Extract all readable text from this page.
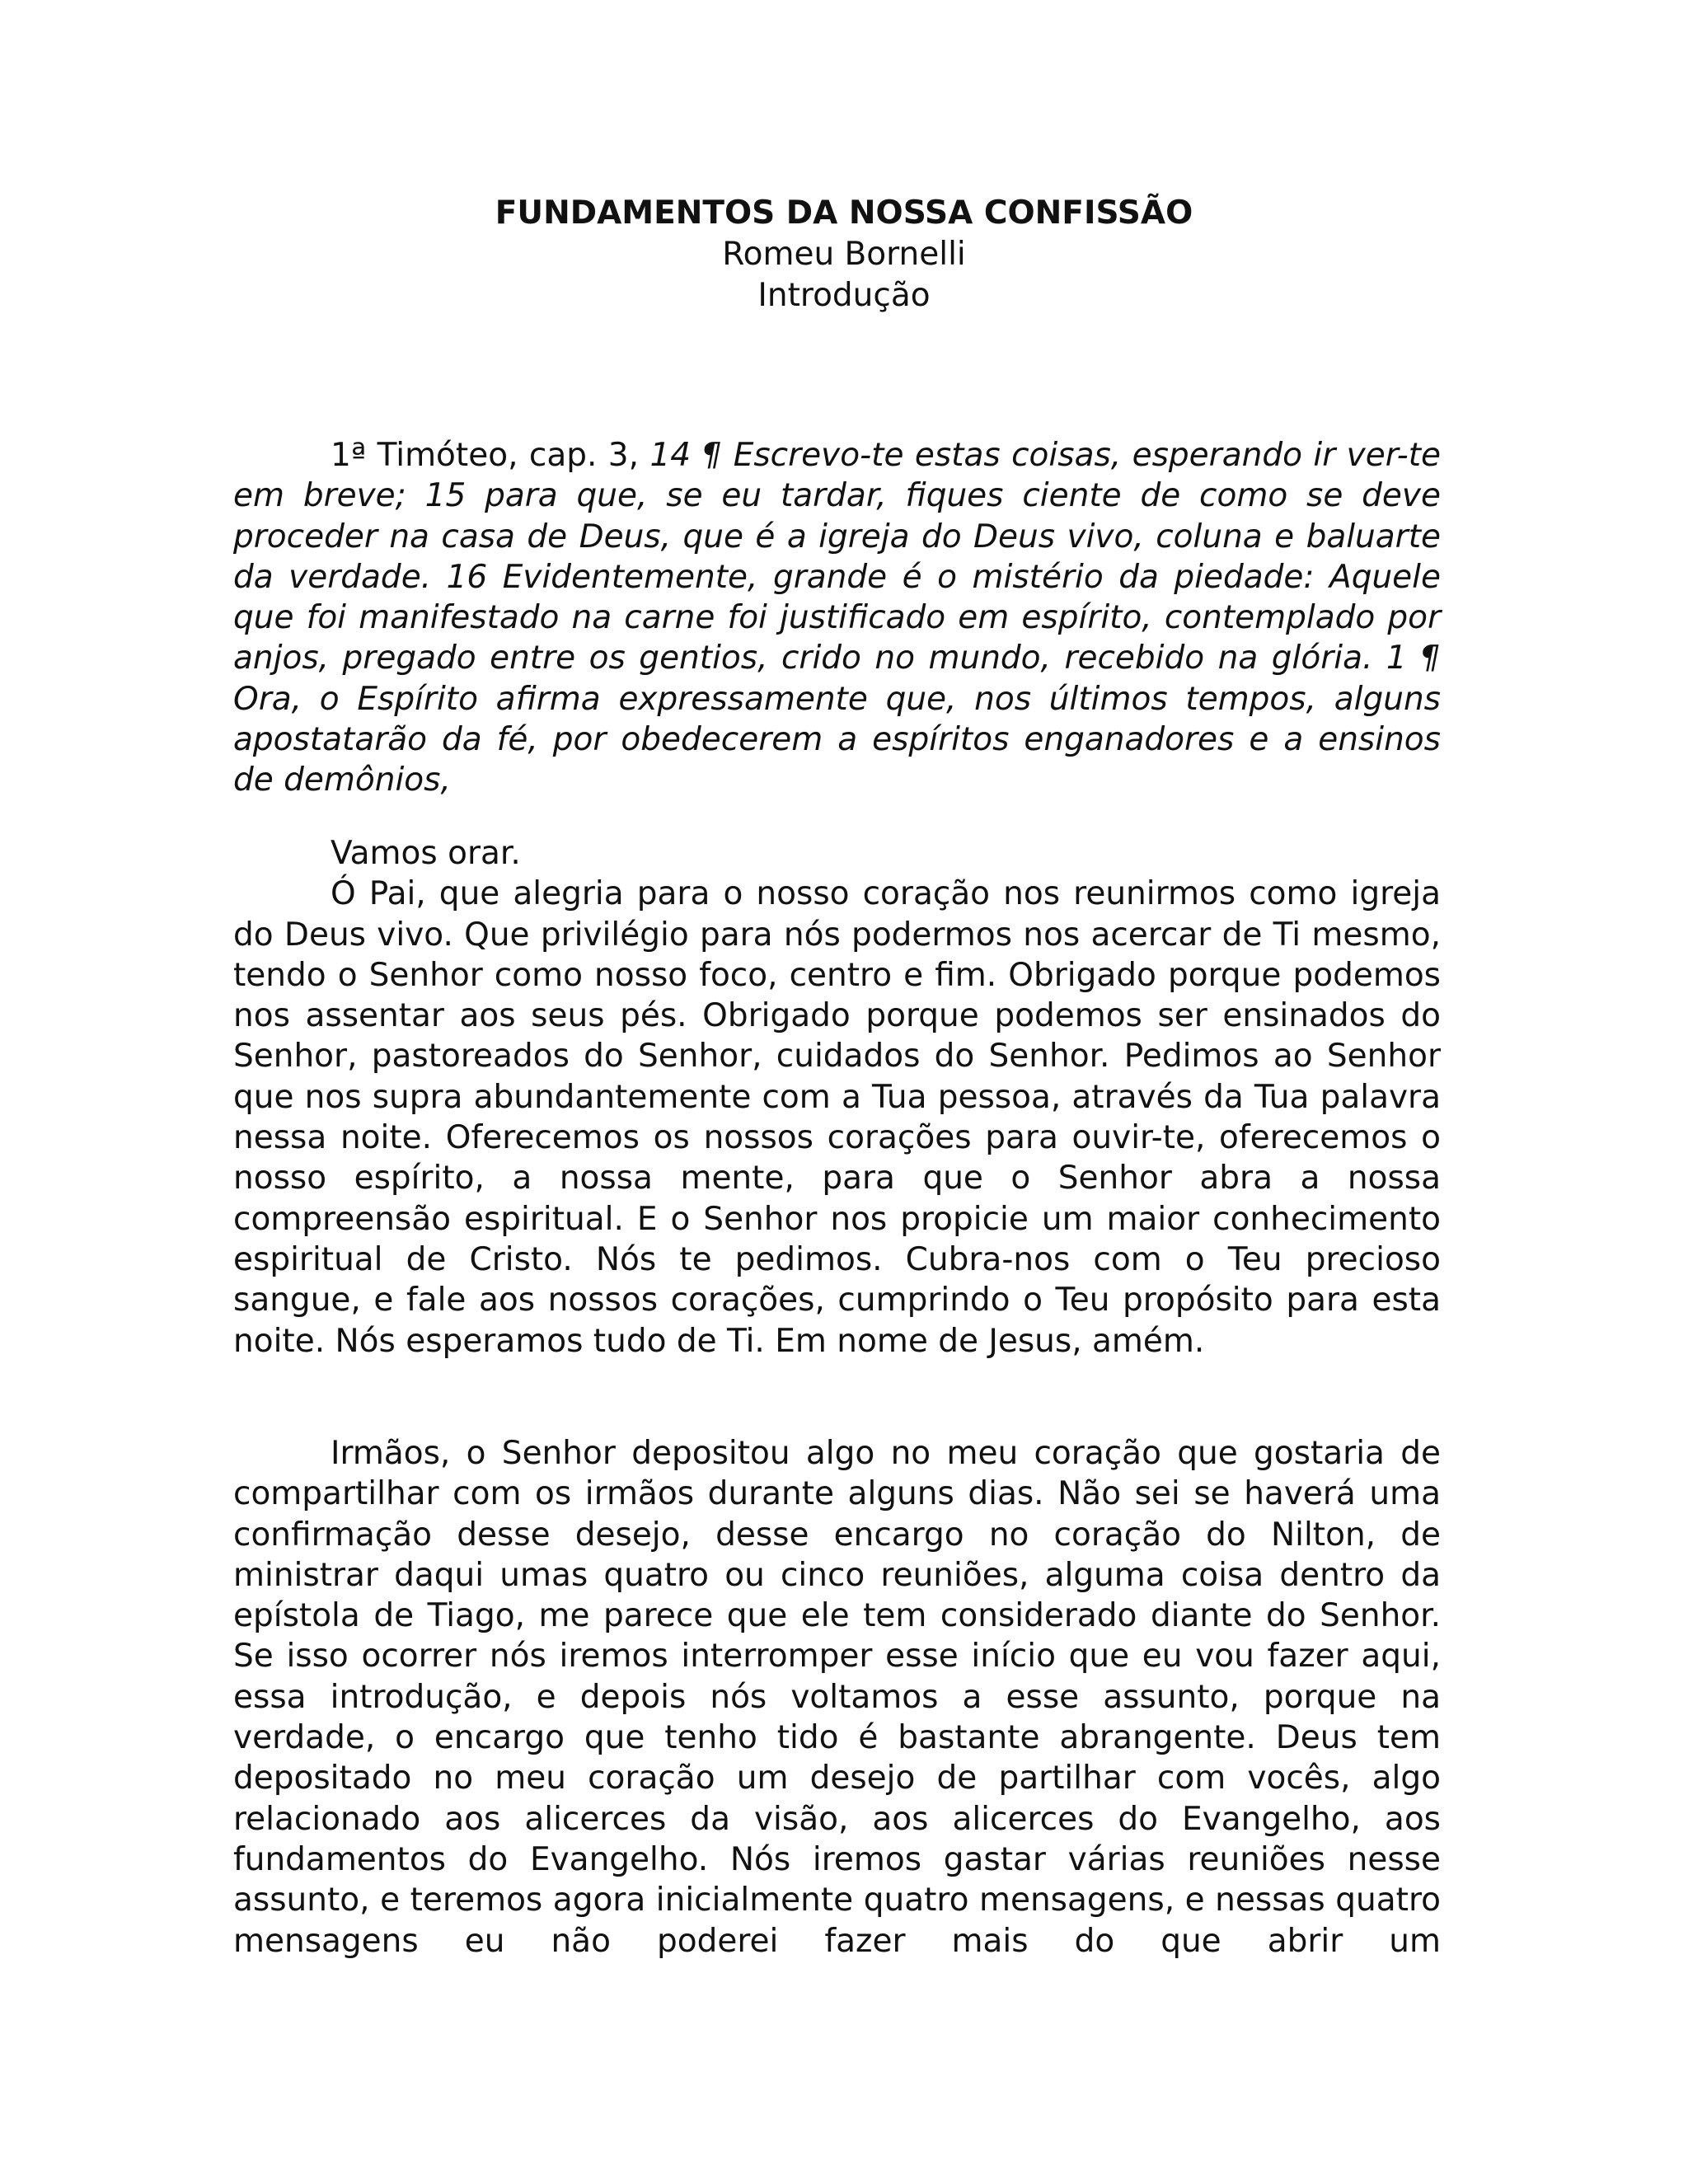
FUNDAMENTOS DA NOSSA CONFISSÃO
Romeu Bornelli
Introdução

1ª Timóteo, cap. 3, 14 ¶ Escrevo-te estas coisas, esperando ir ver-te em breve; 15 para que, se eu tardar, fiques ciente de como se deve proceder na casa de Deus, que é a igreja do Deus vivo, coluna e baluarte da verdade. 16 Evidentemente, grande é o mistério da piedade: Aquele que foi manifestado na carne foi justificado em espírito, contemplado por anjos, pregado entre os gentios, crido no mundo, recebido na glória. 1 ¶ Ora, o Espírito afirma expressamente que, nos últimos tempos, alguns apostatarão da fé, por obedecerem a espíritos enganadores e a ensinos de demônios,

Vamos orar.

Ó Pai, que alegria para o nosso coração nos reunirmos como igreja do Deus vivo. Que privilégio para nós podermos nos acercar de Ti mesmo, tendo o Senhor como nosso foco, centro e fim. Obrigado porque podemos nos assentar aos seus pés. Obrigado porque podemos ser ensinados do Senhor, pastoreados do Senhor, cuidados do Senhor. Pedimos ao Senhor que nos supra abundantemente com a Tua pessoa, através da Tua palavra nessa noite. Oferecemos os nossos corações para ouvir-te, oferecemos o nosso espírito, a nossa mente, para que o Senhor abra a nossa compreensão espiritual. E o Senhor nos propicie um maior conhecimento espiritual de Cristo. Nós te pedimos. Cubra-nos com o Teu precioso sangue, e fale aos nossos corações, cumprindo o Teu propósito para esta noite. Nós esperamos tudo de Ti. Em nome de Jesus, amém.

Irmãos, o Senhor depositou algo no meu coração que gostaria de compartilhar com os irmãos durante alguns dias. Não sei se haverá uma confirmação desse desejo, desse encargo no coração do Nilton, de ministrar daqui umas quatro ou cinco reuniões, alguma coisa dentro da epístola de Tiago, me parece que ele tem considerado diante do Senhor. Se isso ocorrer nós iremos interromper esse início que eu vou fazer aqui, essa introdução, e depois nós voltamos a esse assunto, porque na verdade, o encargo que tenho tido é bastante abrangente. Deus tem depositado no meu coração um desejo de partilhar com vocês, algo relacionado aos alicerces da visão, aos alicerces do Evangelho, aos fundamentos do Evangelho. Nós iremos gastar várias reuniões nesse assunto, e teremos agora inicialmente quatro mensagens, e nessas quatro mensagens eu não poderei fazer mais do que abrir um
